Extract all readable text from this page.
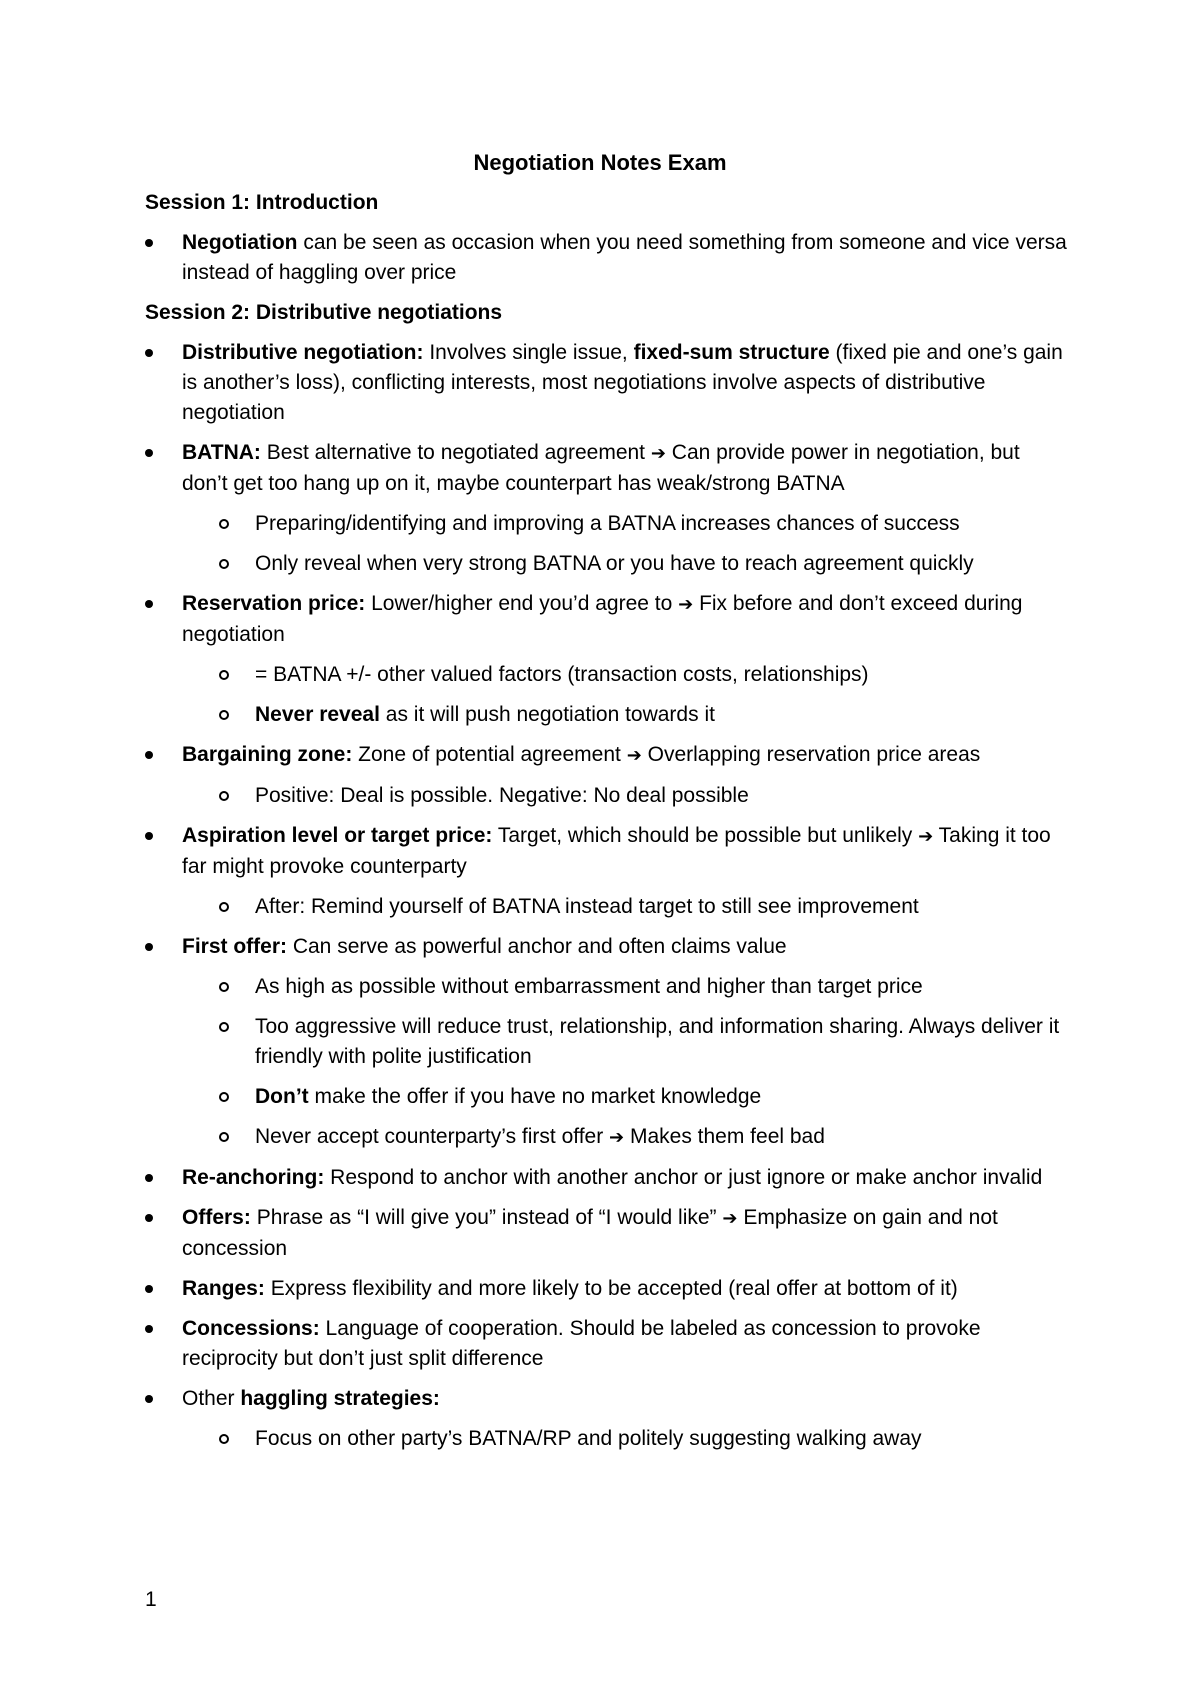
Negotiation Notes Exam
Session 1: Introduction
Negotiation can be seen as occasion when you need something from someone and vice versa instead of haggling over price
Session 2: Distributive negotiations
Distributive negotiation: Involves single issue, fixed-sum structure (fixed pie and one’s gain is another’s loss), conflicting interests, most negotiations involve aspects of distributive negotiation
BATNA: Best alternative to negotiated agreement ➔ Can provide power in negotiation, but don’t get too hang up on it, maybe counterpart has weak/strong BATNA
Preparing/identifying and improving a BATNA increases chances of success
Only reveal when very strong BATNA or you have to reach agreement quickly
Reservation price: Lower/higher end you’d agree to ➔ Fix before and don’t exceed during negotiation
= BATNA +/- other valued factors (transaction costs, relationships)
Never reveal as it will push negotiation towards it
Bargaining zone: Zone of potential agreement ➔ Overlapping reservation price areas
Positive: Deal is possible. Negative: No deal possible
Aspiration level or target price: Target, which should be possible but unlikely ➔ Taking it too far might provoke counterparty
After: Remind yourself of BATNA instead target to still see improvement
First offer: Can serve as powerful anchor and often claims value
As high as possible without embarrassment and higher than target price
Too aggressive will reduce trust, relationship, and information sharing. Always deliver it friendly with polite justification
Don’t make the offer if you have no market knowledge
Never accept counterparty’s first offer ➔ Makes them feel bad
Re-anchoring: Respond to anchor with another anchor or just ignore or make anchor invalid
Offers: Phrase as “I will give you” instead of “I would like” ➔ Emphasize on gain and not concession
Ranges: Express flexibility and more likely to be accepted (real offer at bottom of it)
Concessions: Language of cooperation. Should be labeled as concession to provoke reciprocity but don’t just split difference
Other haggling strategies:
Focus on other party’s BATNA/RP and politely suggesting walking away
1
